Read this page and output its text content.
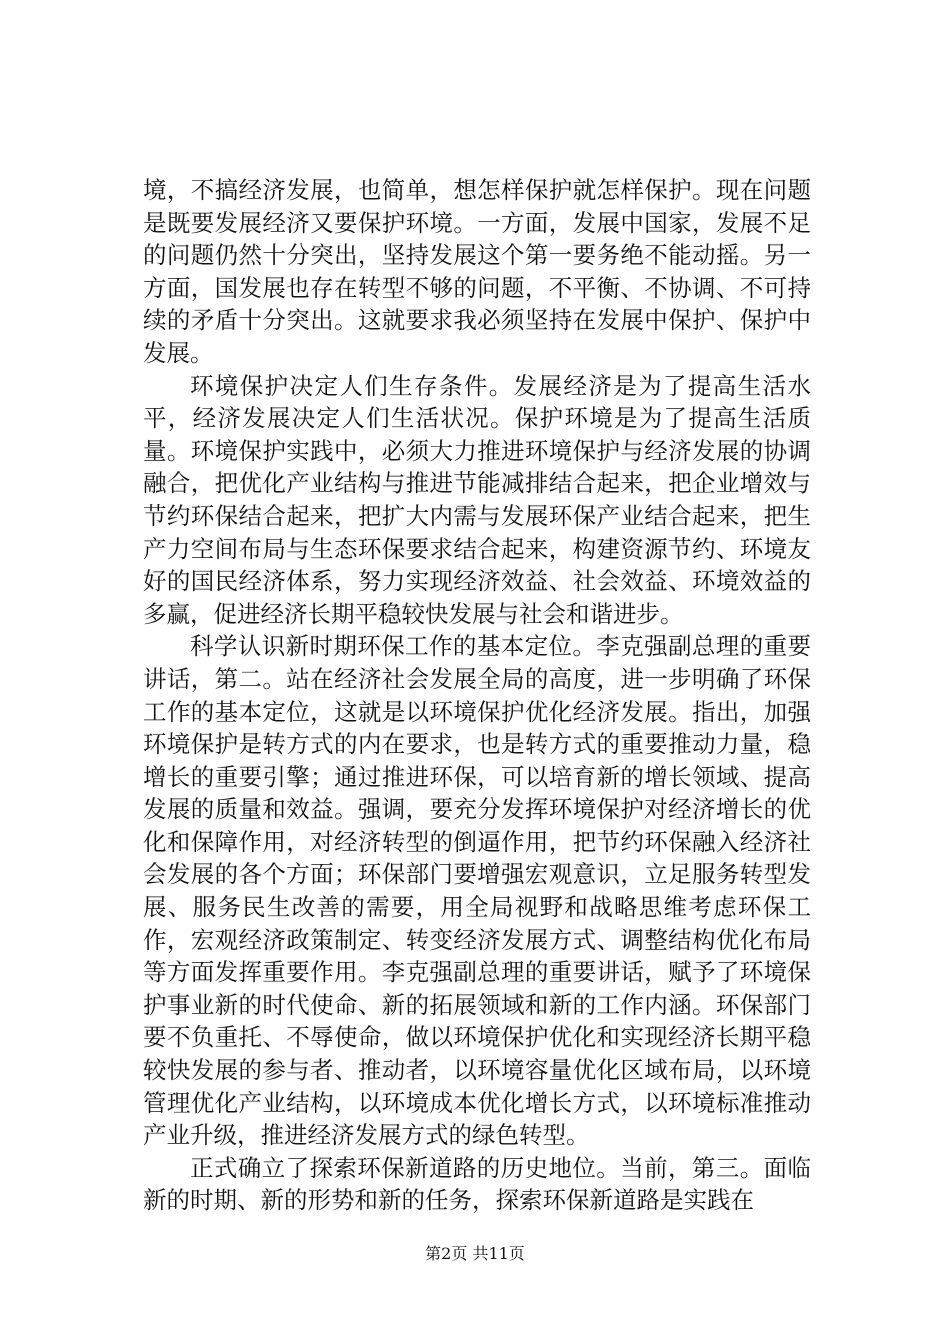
境，不搞经济发展，也简单，想怎样保护就怎样保护。现在问题是既要发展经济又要保护环境。一方面，发展中国家，发展不足的问题仍然十分突出，坚持发展这个第一要务绝不能动摇。另一方面，国发展也存在转型不够的问题，不平衡、不协调、不可持续的矛盾十分突出。这就要求我必须坚持在发展中保护、保护中发展。

环境保护决定人们生存条件。发展经济是为了提高生活水平，经济发展决定人们生活状况。保护环境是为了提高生活质量。环境保护实践中，必须大力推进环境保护与经济发展的协调融合，把优化产业结构与推进节能减排结合起来，把企业增效与节约环保结合起来，把扩大内需与发展环保产业结合起来，把生产力空间布局与生态环保要求结合起来，构建资源节约、环境友好的国民经济体系，努力实现经济效益、社会效益、环境效益的多赢，促进经济长期平稳较快发展与社会和谐进步。

科学认识新时期环保工作的基本定位。李克强副总理的重要讲话，第二。站在经济社会发展全局的高度，进一步明确了环保工作的基本定位，这就是以环境保护优化经济发展。指出，加强环境保护是转方式的内在要求，也是转方式的重要推动力量，稳增长的重要引擎；通过推进环保，可以培育新的增长领域、提高发展的质量和效益。强调，要充分发挥环境保护对经济增长的优化和保障作用，对经济转型的倒逼作用，把节约环保融入经济社会发展的各个方面；环保部门要增强宏观意识，立足服务转型发展、服务民生改善的需要，用全局视野和战略思维考虑环保工作，宏观经济政策制定、转变经济发展方式、调整结构优化布局等方面发挥重要作用。李克强副总理的重要讲话，赋予了环境保护事业新的时代使命、新的拓展领域和新的工作内涵。环保部门要不负重托、不辱使命，做以环境保护优化和实现经济长期平稳较快发展的参与者、推动者，以环境容量优化区域布局，以环境管理优化产业结构，以环境成本优化增长方式，以环境标准推动产业升级，推进经济发展方式的绿色转型。

正式确立了探索环保新道路的历史地位。当前，第三。面临新的时期、新的形势和新的任务，探索环保新道路是实践在

第2页 共11页
